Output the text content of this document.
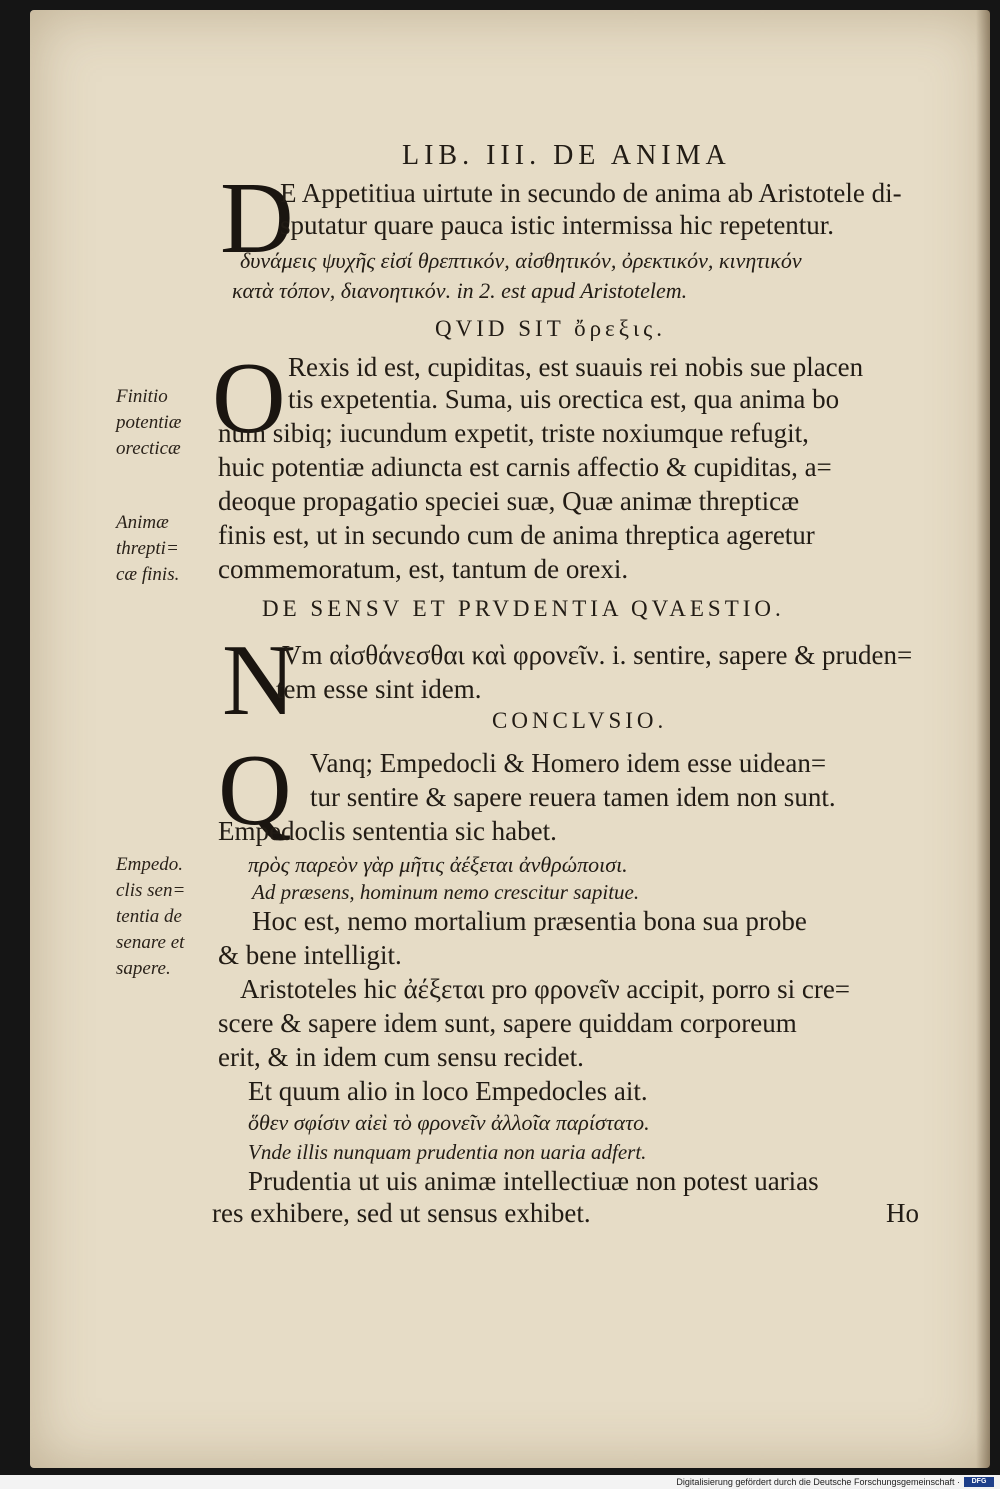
LIB. III. DE ANIMA
D
E Appetitiua uirtute in secundo de anima ab Aristotele di-
sputatur quare pauca istic intermissa hic repetentur.
δυνάμεις ψυχῆς εἰσί θρεπτικόν, αἰσθητικόν, ὀρεκτικόν, κινητικόν
κατὰ τόπον, διανοητικόν. in 2. est apud Aristotelem.
QVID SIT ὄρεξις.
O Rexis id est, cupiditas, est suauis rei nobis sue placen
tis expetentia. Suma, uis orectica est, qua anima bo
num sibiq; iucundum expetit, triste noxiumque refugit,
huic potentiæ adiuncta est carnis affectio & cupiditas, a=
deoque propagatio speciei suæ, Quæ animæ threpticæ
finis est, ut in secundo cum de anima threptica ageretur
commemoratum, est, tantum de orexi.
DE SENSV ET PRVDENTIA QVAESTIO.
N
Vm αἰσθάνεσθαι καὶ φρονεῖν. i. sentire, sapere & pruden=
tem esse sint idem.
CONCLVSIO.
Q Vanq; Empedocli & Homero idem esse uidean=
tur sentire & sapere reuera tamen idem non sunt.
Empedoclis sententia sic habet.
πρὸς παρεὸν γὰρ μῆτις ἀέξεται ἀνθρώποισι.
Ad præsens, hominum nemo crescitur sapitue.
Hoc est, nemo mortalium præsentia bona sua probe
& bene intelligit.
Aristoteles hic ἀέξεται pro φρονεῖν accipit, porro si cre=
scere & sapere idem sunt, sapere quiddam corporeum
erit, & in idem cum sensu recidet.
Et quum alio in loco Empedocles ait.
ὅθεν σφίσιν αἰεὶ τὸ φρονεῖν ἀλλοῖα παρίστατο.
Vnde illis nunquam prudentia non uaria adfert.
Prudentia ut uis animæ intellectiuæ non potest uarias
res exhibere, sed ut sensus exhibet.	Ho
Finitio
potentiæ
orecticæ
Animæ
threpti=
cæ finis.
Empedo.
clis sen=
tentia de
senare et
sapere.
Digitalisierung gefördert durch die Deutsche Forschungsgemeinschaft ·	DFG
